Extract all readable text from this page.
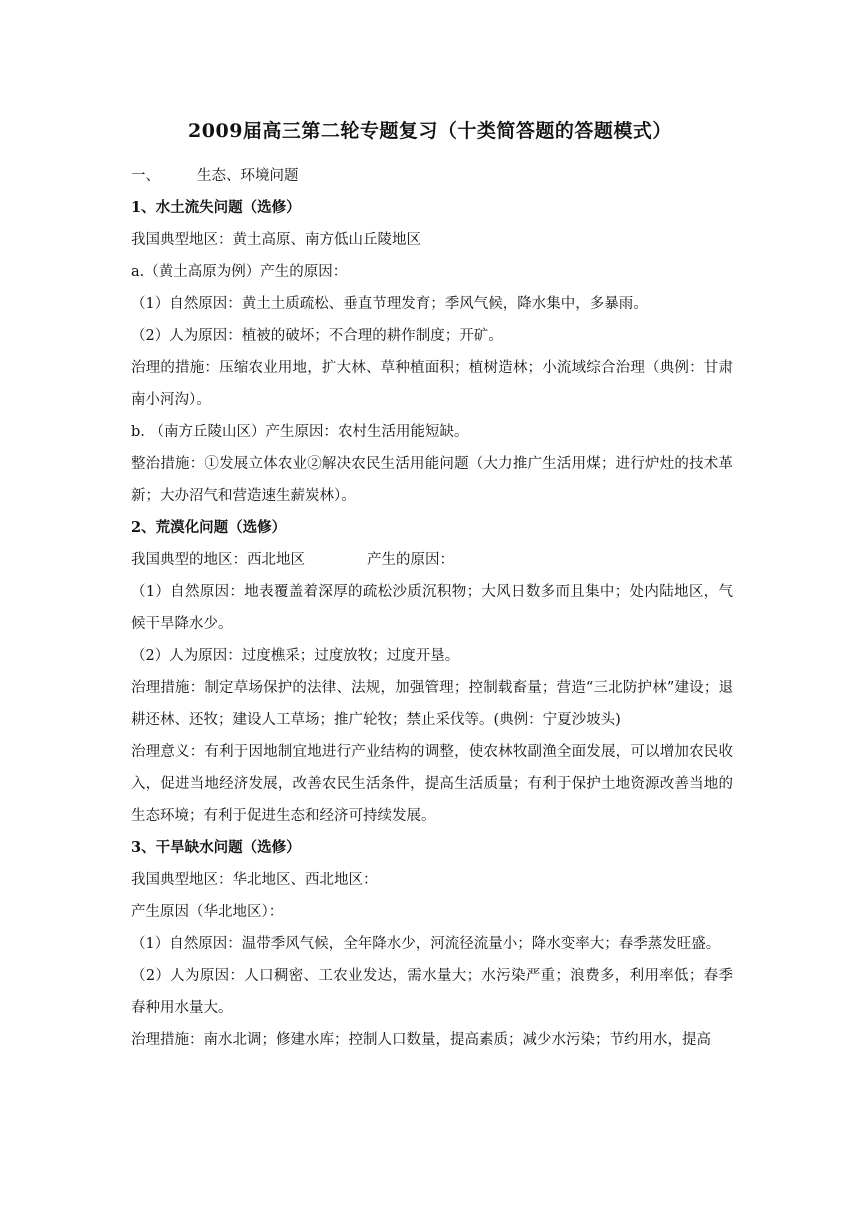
2009届高三第二轮专题复习（十类简答题的答题模式）
一、	生态、环境问题
1、水土流失问题（选修）
我国典型地区：黄土高原、南方低山丘陵地区
a.（黄土高原为例）产生的原因：
（1）自然原因：黄土土质疏松、垂直节理发育；季风气候，降水集中，多暴雨。
（2）人为原因：植被的破坏；不合理的耕作制度；开矿。
治理的措施：压缩农业用地，扩大林、草种植面积；植树造林；小流域综合治理（典例：甘肃南小河沟）。
b. （南方丘陵山区）产生原因：农村生活用能短缺。
整治措施：①发展立体农业②解决农民生活用能问题（大力推广生活用煤；进行炉灶的技术革新；大办沼气和营造速生薪炭林）。
2、荒漠化问题（选修）
我国典型的地区：西北地区	产生的原因：
（1）自然原因：地表覆盖着深厚的疏松沙质沉积物；大风日数多而且集中；处内陆地区，气候干旱降水少。
（2）人为原因：过度樵采；过度放牧；过度开垦。
治理措施：制定草场保护的法律、法规，加强管理；控制载畜量；营造“三北防护林”建设；退耕还林、还牧；建设人工草场；推广轮牧；禁止采伐等。(典例：宁夏沙坡头)
治理意义：有利于因地制宜地进行产业结构的调整，使农林牧副渔全面发展，可以增加农民收入，促进当地经济发展，改善农民生活条件，提高生活质量；有利于保护土地资源改善当地的生态环境；有利于促进生态和经济可持续发展。
3、干旱缺水问题（选修）
我国典型地区：华北地区、西北地区：
产生原因（华北地区）：
（1）自然原因：温带季风气候，全年降水少，河流径流量小；降水变率大；春季蒸发旺盛。
（2）人为原因：人口稠密、工农业发达，需水量大；水污染严重；浪费多，利用率低；春季春种用水量大。
治理措施：南水北调；修建水库；控制人口数量，提高素质；减少水污染；节约用水，提高
